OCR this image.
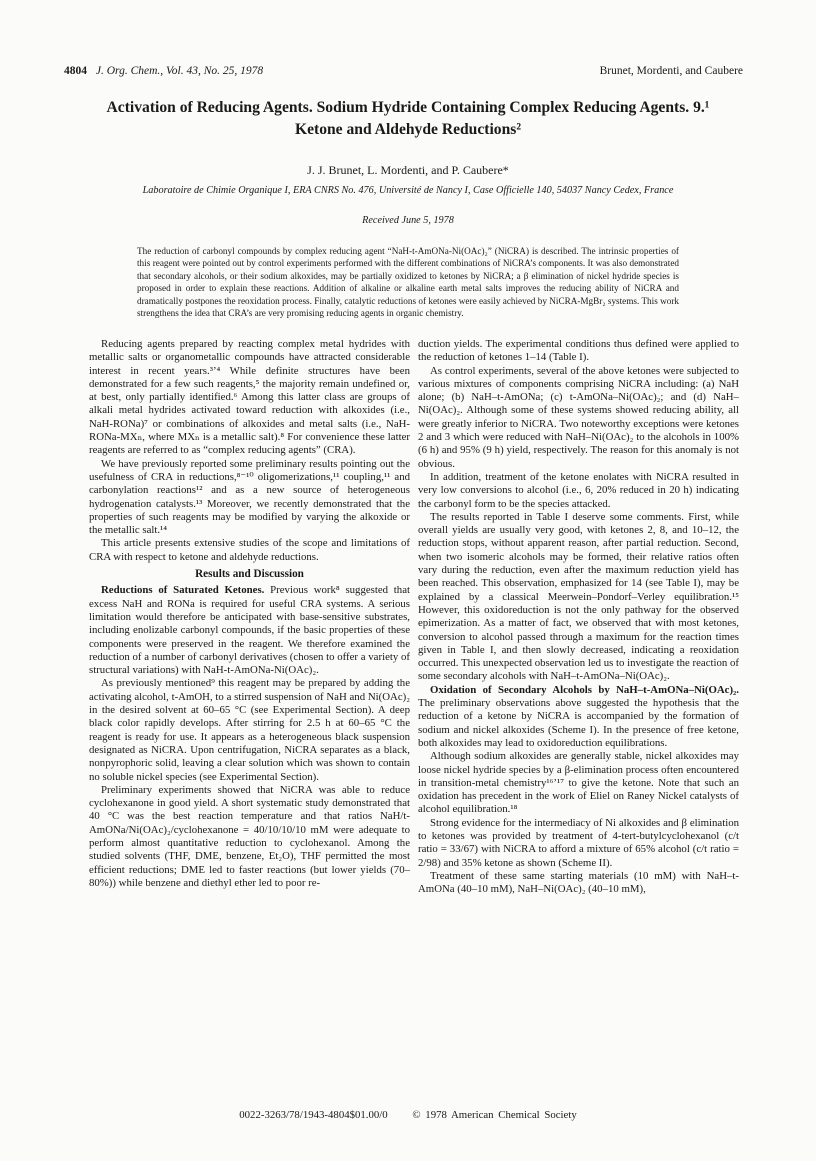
4804 J. Org. Chem., Vol. 43, No. 25, 1978	Brunet, Mordenti, and Caubere
Activation of Reducing Agents. Sodium Hydride Containing Complex Reducing Agents. 9.¹ Ketone and Aldehyde Reductions²
J. J. Brunet, L. Mordenti, and P. Caubere*
Laboratoire de Chimie Organique I, ERA CNRS No. 476, Université de Nancy I, Case Officielle 140, 54037 Nancy Cedex, France
Received June 5, 1978
The reduction of carbonyl compounds by complex reducing agent “NaH-t-AmONa-Ni(OAc)₂” (NiCRA) is described. The intrinsic properties of this reagent were pointed out by control experiments performed with the different combinations of NiCRA’s components. It was also demonstrated that secondary alcohols, or their sodium alkoxides, may be partially oxidized to ketones by NiCRA; a β elimination of nickel hydride species is proposed in order to explain these reactions. Addition of alkaline or alkaline earth metal salts improves the reducing ability of NiCRA and dramatically postpones the reoxidation process. Finally, catalytic reductions of ketones were easily achieved by NiCRA-MgBr₂ systems. This work strengthens the idea that CRA’s are very promising reducing agents in organic chemistry.

Reducing agents prepared by reacting complex metal hydrides with metallic salts or organometallic compounds have attracted considerable interest in recent years.³ʼ⁴ While definite structures have been demonstrated for a few such reagents,⁵ the majority remain undefined or, at best, only partially identified.⁶ Among this latter class are groups of alkali metal hydrides activated toward reduction with alkoxides (i.e., NaH-RONa)⁷ or combinations of alkoxides and metal salts (i.e., NaH-RONa-MXₙ, where MXₙ is a metallic salt).⁸ For convenience these latter reagents are referred to as “complex reducing agents” (CRA).

We have previously reported some preliminary results pointing out the usefulness of CRA in reductions,⁸⁻¹⁰ oligomerizations,¹¹ coupling,¹¹ and carbonylation reactions¹² and as a new source of heterogeneous hydrogenation catalysts.¹³ Moreover, we recently demonstrated that the properties of such reagents may be modified by varying the alkoxide or the metallic salt.¹⁴

This article presents extensive studies of the scope and limitations of CRA with respect to ketone and aldehyde reductions.

Results and Discussion

Reductions of Saturated Ketones. Previous work⁸ suggested that excess NaH and RONa is required for useful CRA systems. A serious limitation would therefore be anticipated with base-sensitive substrates, including enolizable carbonyl compounds, if the basic properties of these components were preserved in the reagent. We therefore examined the reduction of a number of carbonyl derivatives (chosen to offer a variety of structural variations) with NaH-t-AmONa-Ni(OAc)₂.

As previously mentioned⁹ this reagent may be prepared by adding the activating alcohol, t-AmOH, to a stirred suspension of NaH and Ni(OAc)₂ in the desired solvent at 60–65 °C (see Experimental Section). A deep black color rapidly develops. After stirring for 2.5 h at 60–65 °C the reagent is ready for use. It appears as a heterogeneous black suspension designated as NiCRA. Upon centrifugation, NiCRA separates as a black, nonpyrophoric solid, leaving a clear solution which was shown to contain no soluble nickel species (see Experimental Section).

Preliminary experiments showed that NiCRA was able to reduce cyclohexanone in good yield. A short systematic study demonstrated that 40 °C was the best reaction temperature and that ratios NaH/t-AmONa/Ni(OAc)₂/cyclohexanone = 40/10/10/10 mM were adequate to perform almost quantitative reduction to cyclohexanol. Among the studied solvents (THF, DME, benzene, Et₂O), THF permitted the most efficient reductions; DME led to faster reactions (but lower yields (70–80%)) while benzene and diethyl ether led to poor re-

duction yields. The experimental conditions thus defined were applied to the reduction of ketones 1–14 (Table I).

As control experiments, several of the above ketones were subjected to various mixtures of components comprising NiCRA including: (a) NaH alone; (b) NaH–t-AmONa; (c) t-AmONa–Ni(OAc)₂; and (d) NaH–Ni(OAc)₂. Although some of these systems showed reducing ability, all were greatly inferior to NiCRA. Two noteworthy exceptions were ketones 2 and 3 which were reduced with NaH–Ni(OAc)₂ to the alcohols in 100% (6 h) and 95% (9 h) yield, respectively. The reason for this anomaly is not obvious.

In addition, treatment of the ketone enolates with NiCRA resulted in very low conversions to alcohol (i.e., 6, 20% reduced in 20 h) indicating the carbonyl form to be the species attacked.

The results reported in Table I deserve some comments. First, while overall yields are usually very good, with ketones 2, 8, and 10–12, the reduction stops, without apparent reason, after partial reduction. Second, when two isomeric alcohols may be formed, their relative ratios often vary during the reduction, even after the maximum reduction yield has been reached. This observation, emphasized for 14 (see Table I), may be explained by a classical Meerwein–Pondorf–Verley equilibration.¹⁵ However, this oxidoreduction is not the only pathway for the observed epimerization. As a matter of fact, we observed that with most ketones, conversion to alcohol passed through a maximum for the reaction times given in Table I, and then slowly decreased, indicating a reoxidation occurred. This unexpected observation led us to investigate the reaction of some secondary alcohols with NaH–t-AmONa–Ni(OAc)₂.

Oxidation of Secondary Alcohols by NaH–t-AmONa–Ni(OAc)₂. The preliminary observations above suggested the hypothesis that the reduction of a ketone by NiCRA is accompanied by the formation of sodium and nickel alkoxides (Scheme I). In the presence of free ketone, both alkoxides may lead to oxidoreduction equilibrations.

Although sodium alkoxides are generally stable, nickel alkoxides may loose nickel hydride species by a β-elimination process often encountered in transition-metal chemistry¹⁶ʼ¹⁷ to give the ketone. Note that such an oxidation has precedent in the work of Eliel on Raney Nickel catalysts of alcohol equilibration.¹⁸

Strong evidence for the intermediacy of Ni alkoxides and β elimination to ketones was provided by treatment of 4-tert-butylcyclohexanol (c/t ratio = 33/67) with NiCRA to afford a mixture of 65% alcohol (c/t ratio = 2/98) and 35% ketone as shown (Scheme II).

Treatment of these same starting materials (10 mM) with NaH–t-AmONa (40–10 mM), NaH–Ni(OAc)₂ (40–10 mM),

0022-3263/78/1943-4804$01.00/0 © 1978 American Chemical Society
